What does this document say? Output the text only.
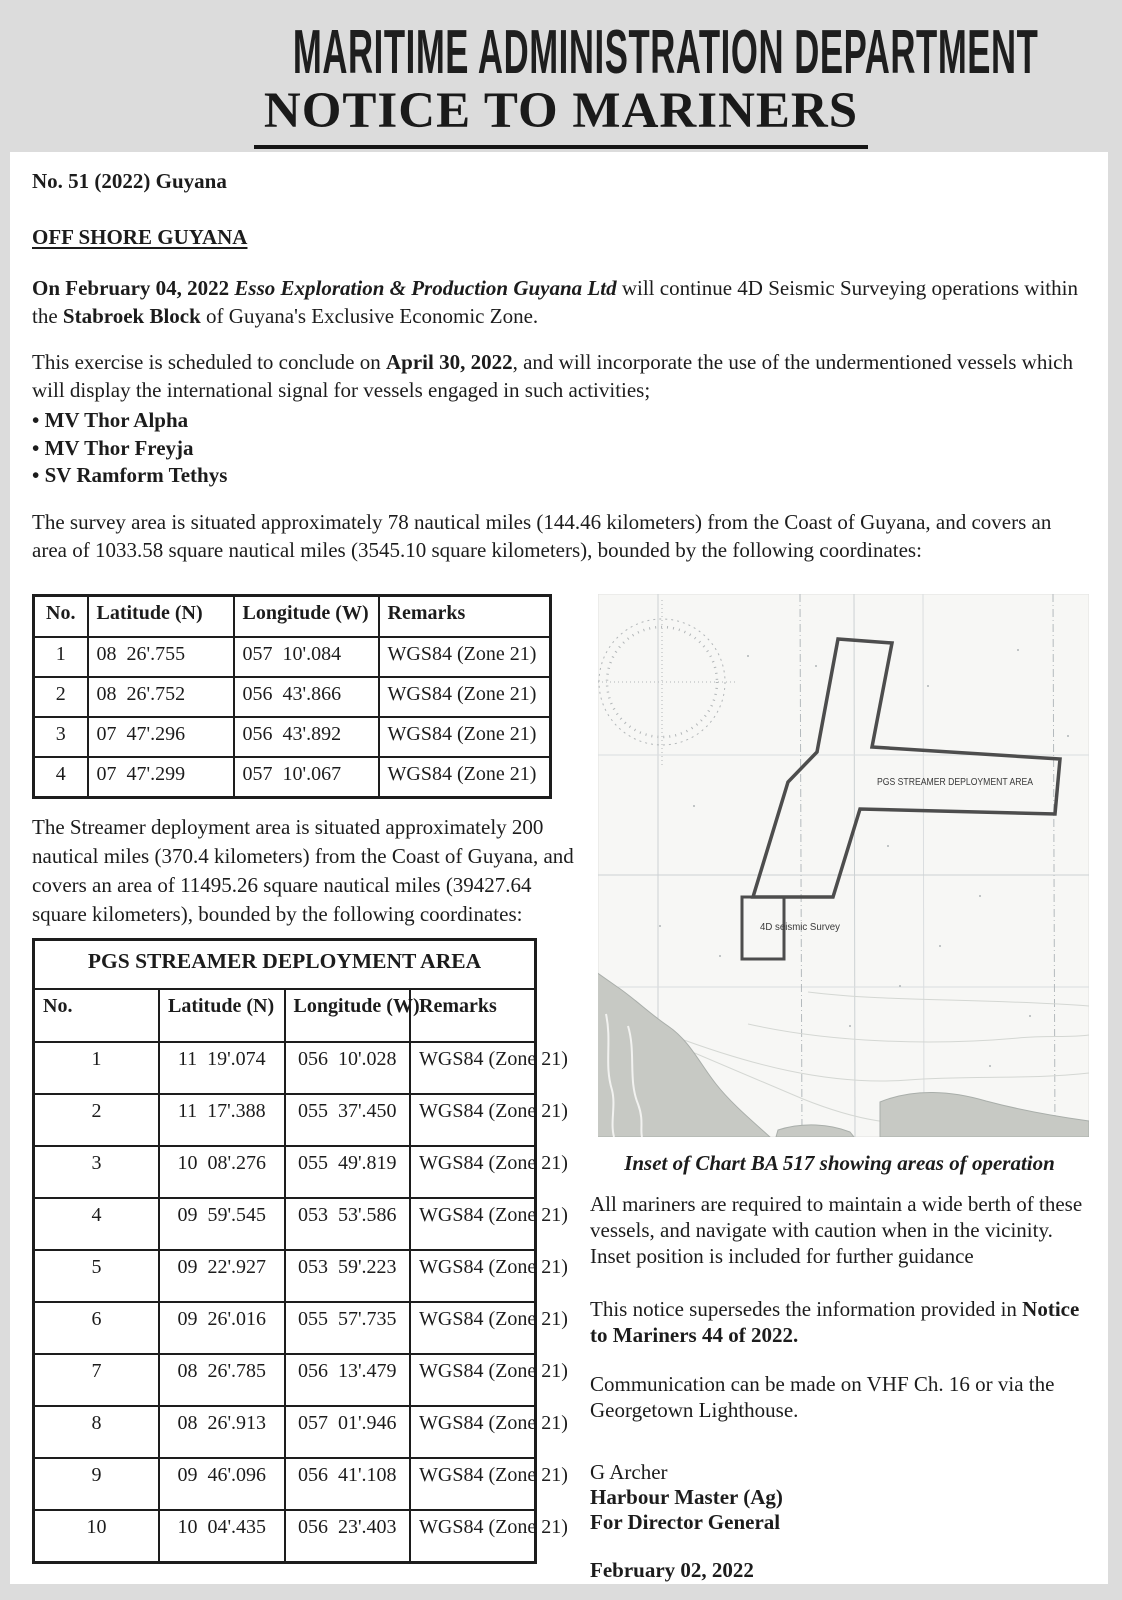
MARITIME ADMINISTRATION DEPARTMENT
NOTICE TO MARINERS

No. 51 (2022) Guyana

OFF SHORE GUYANA

On February 04, 2022 Esso Exploration & Production Guyana Ltd will continue 4D Seismic Surveying operations within the Stabroek Block of Guyana's Exclusive Economic Zone.

This exercise is scheduled to conclude on April 30, 2022, and will incorporate the use of the undermentioned vessels which will display the international signal for vessels engaged in such activities;

• MV Thor Alpha
• MV Thor Freyja
• SV Ramform Tethys

The survey area is situated approximately 78 nautical miles (144.46 kilometers) from the Coast of Guyana, and covers an area of 1033.58 square nautical miles (3545.10 square kilometers), bounded by the following coordinates:

No.	Latitude (N)	Longitude (W)	Remarks
1	08  26'.755	057  10'.084	WGS84 (Zone 21)
2	08  26'.752	056  43'.866	WGS84 (Zone 21)
3	07  47'.296	056  43'.892	WGS84 (Zone 21)
4	07  47'.299	057  10'.067	WGS84 (Zone 21)

The Streamer deployment area is situated approximately 200 nautical miles (370.4 kilometers) from the Coast of Guyana, and covers an area of 11495.26 square nautical miles (39427.64 square kilometers), bounded by the following coordinates:

PGS STREAMER DEPLOYMENT AREA			
No.	Latitude (N)	Longitude (W)	Remarks
1	11  19'.074	056  10'.028	WGS84 (Zone 21)
2	11  17'.388	055  37'.450	WGS84 (Zone 21)
3	10  08'.276	055  49'.819	WGS84 (Zone 21)
4	09  59'.545	053  53'.586	WGS84 (Zone 21)
5	09  22'.927	053  59'.223	WGS84 (Zone 21)
6	09  26'.016	055  57'.735	WGS84 (Zone 21)
7	08  26'.785	056  13'.479	WGS84 (Zone 21)
8	08  26'.913	057  01'.946	WGS84 (Zone 21)
9	09  46'.096	056  41'.108	WGS84 (Zone 21)
10	10  04'.435	056  23'.403	WGS84 (Zone 21)
PGS STREAMER DEPLOYMENT AREA
4D seismic Survey

Inset of Chart BA 517 showing areas of operation

All mariners are required to maintain a wide berth of these vessels, and navigate with caution when in the vicinity. Inset position is included for further guidance

This notice supersedes the information provided in Notice to Mariners 44 of 2022.

Communication can be made on VHF Ch. 16 or via the Georgetown Lighthouse.

G Archer

Harbour Master (Ag)

For Director General

February 02, 2022
